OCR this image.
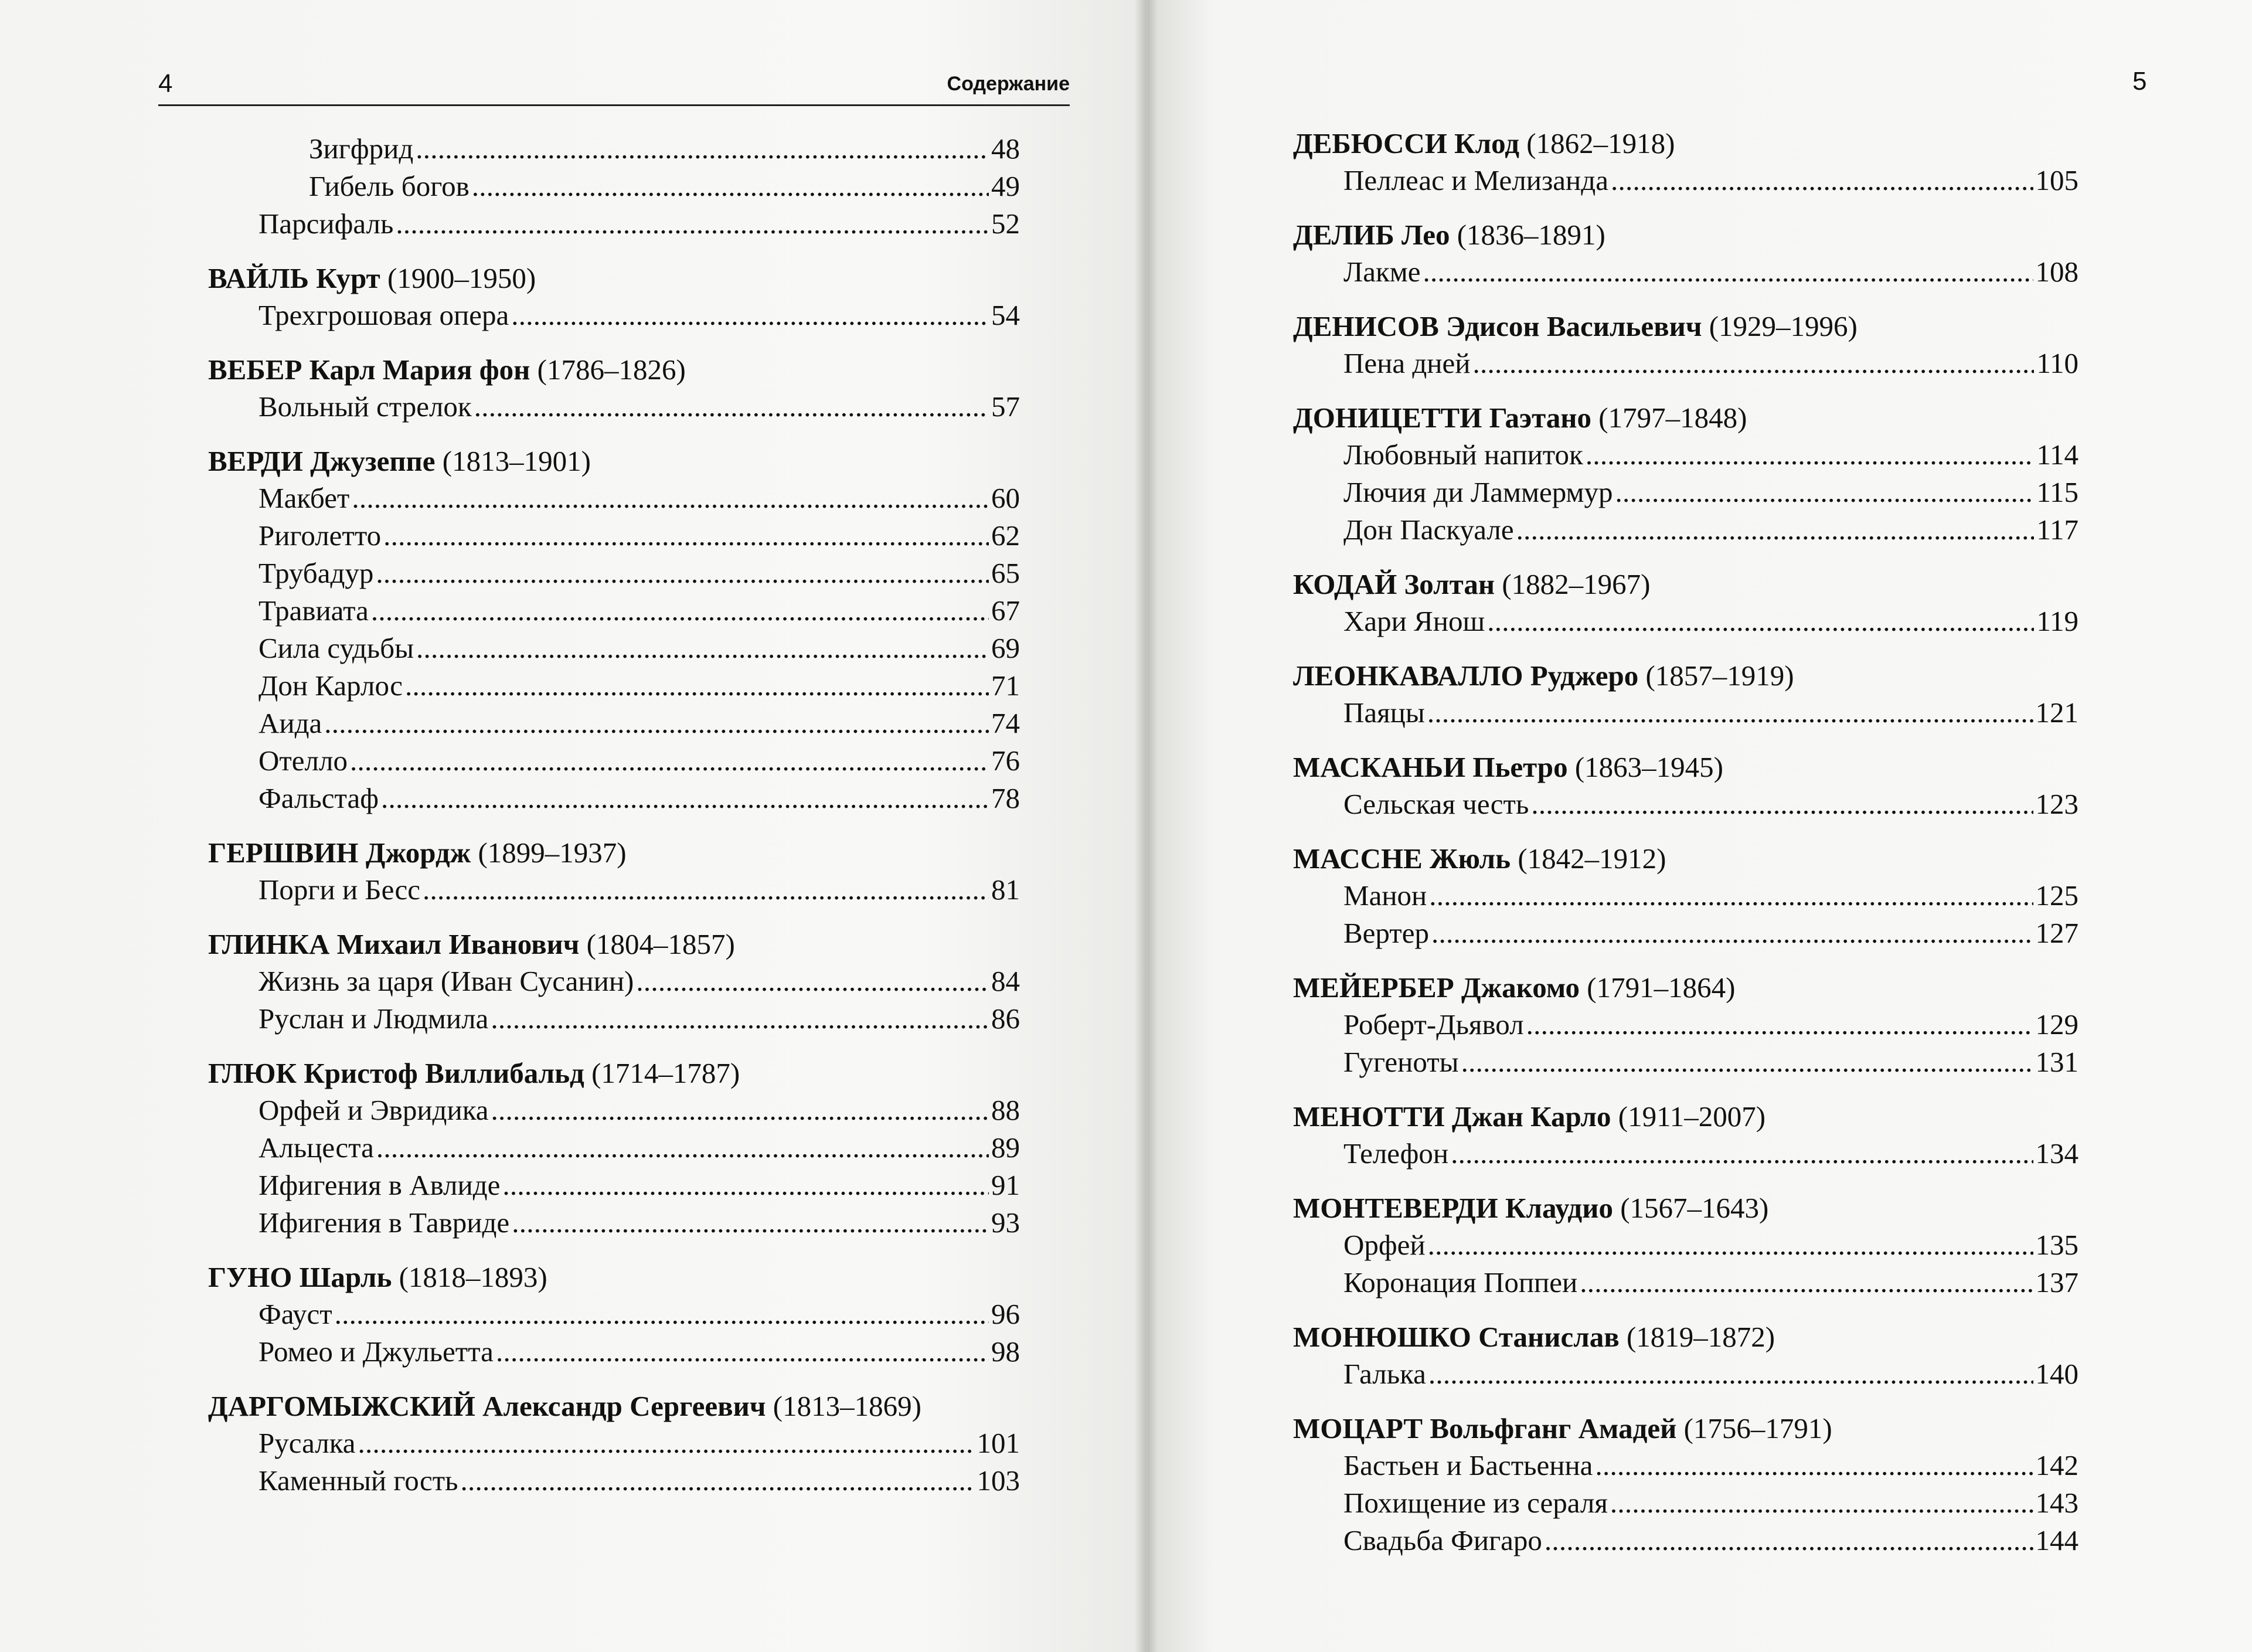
4	Содержание
Зигфрид . . .	48
Гибель богов . . .	49
Парсифаль . . .	52
ВАЙЛЬ Курт (1900–1950)
Трехгрошовая опера . . .	54
ВЕБЕР Карл Мария фон (1786–1826)
Вольный стрелок . . .	57
ВЕРДИ Джузеппе (1813–1901)
Макбет . . .	60
Риголетто . . .	62
Трубадур . . .	65
Травиата . . .	67
Сила судьбы . . .	69
Дон Карлос . . .	71
Аида . . .	74
Отелло . . .	76
Фальстаф . . .	78
ГЕРШВИН Джордж (1899–1937)
Порги и Бесс . . .	81
ГЛИНКА Михаил Иванович (1804–1857)
Жизнь за царя (Иван Сусанин) . . .	84
Руслан и Людмила . . .	86
ГЛЮК Кристоф Виллибальд (1714–1787)
Орфей и Эвридика . . .	88
Альцеста . . .	89
Ифигения в Авлиде . . .	91
Ифигения в Тавриде . . .	93
ГУНО Шарль (1818–1893)
Фауст . . .	96
Ромео и Джульетта . . .	98
ДАРГОМЫЖСКИЙ Александр Сергеевич (1813–1869)
Русалка . . .	101
Каменный гость . . .	103
5
ДЕБЮССИ Клод (1862–1918)
Пеллеас и Мелизанда . . .	105
ДЕЛИБ Лео (1836–1891)
Лакме . . .	108
ДЕНИСОВ Эдисон Васильевич (1929–1996)
Пена дней . . .	110
ДОНИЦЕТТИ Гаэтано (1797–1848)
Любовный напиток . . .	114
Лючия ди Ламмермур . . .	115
Дон Паскуале . . .	117
КОДАЙ Золтан (1882–1967)
Хари Янош . . .	119
ЛЕОНКАВАЛЛО Руджеро (1857–1919)
Паяцы . . .	121
МАСКАНЬИ Пьетро (1863–1945)
Сельская честь . . .	123
МАССНЕ Жюль (1842–1912)
Манон . . .	125
Вертер . . .	127
МЕЙЕРБЕР Джакомо (1791–1864)
Роберт-Дьявол . . .	129
Гугеноты . . .	131
МЕНОТТИ Джан Карло (1911–2007)
Телефон . . .	134
МОНТЕВЕРДИ Клаудио (1567–1643)
Орфей . . .	135
Коронация Поппеи . . .	137
МОНЮШКО Станислав (1819–1872)
Галька . . .	140
МОЦАРТ Вольфганг Амадей (1756–1791)
Бастьен и Бастьенна . . .	142
Похищение из сераля . . .	143
Свадьба Фигаро . . .	144
